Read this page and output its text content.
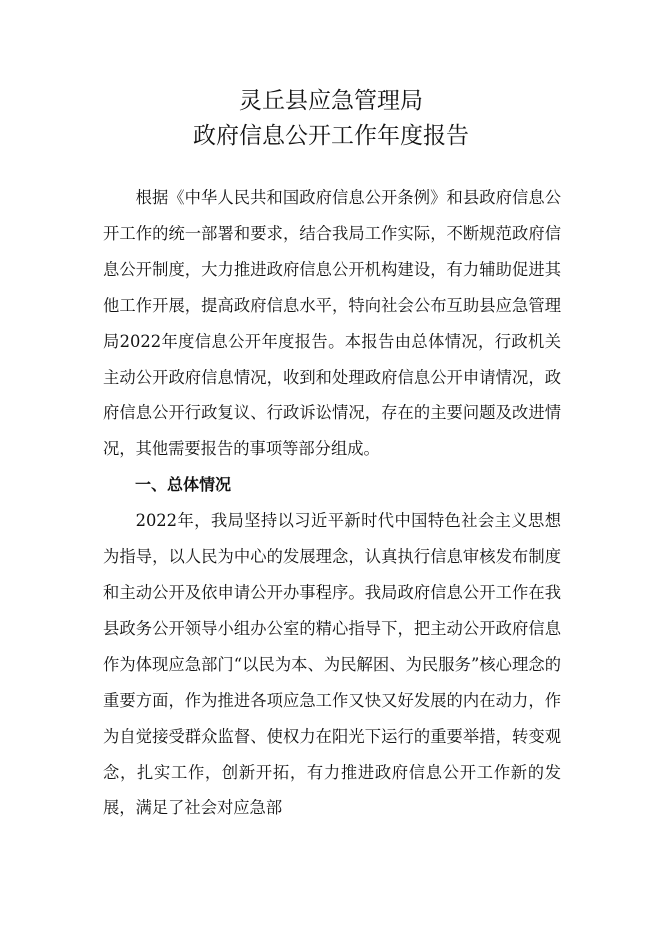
灵丘县应急管理局
政府信息公开工作年度报告

根据《中华人民共和国政府信息公开条例》和县政府信息公开工作的统一部署和要求，结合我局工作实际，不断规范政府信息公开制度，大力推进政府信息公开机构建设，有力辅助促进其他工作开展，提高政府信息水平，特向社会公布互助县应急管理局2022年度信息公开年度报告。本报告由总体情况，行政机关主动公开政府信息情况，收到和处理政府信息公开申请情况，政府信息公开行政复议、行政诉讼情况，存在的主要问题及改进情况，其他需要报告的事项等部分组成。

一、总体情况

2022年，我局坚持以习近平新时代中国特色社会主义思想为指导，以人民为中心的发展理念，认真执行信息审核发布制度和主动公开及依申请公开办事程序。我局政府信息公开工作在我县政务公开领导小组办公室的精心指导下，把主动公开政府信息作为体现应急部门“以民为本、为民解困、为民服务”核心理念的重要方面，作为推进各项应急工作又快又好发展的内在动力，作为自觉接受群众监督、使权力在阳光下运行的重要举措，转变观念，扎实工作，创新开拓，有力推进政府信息公开工作新的发展，满足了社会对应急部
